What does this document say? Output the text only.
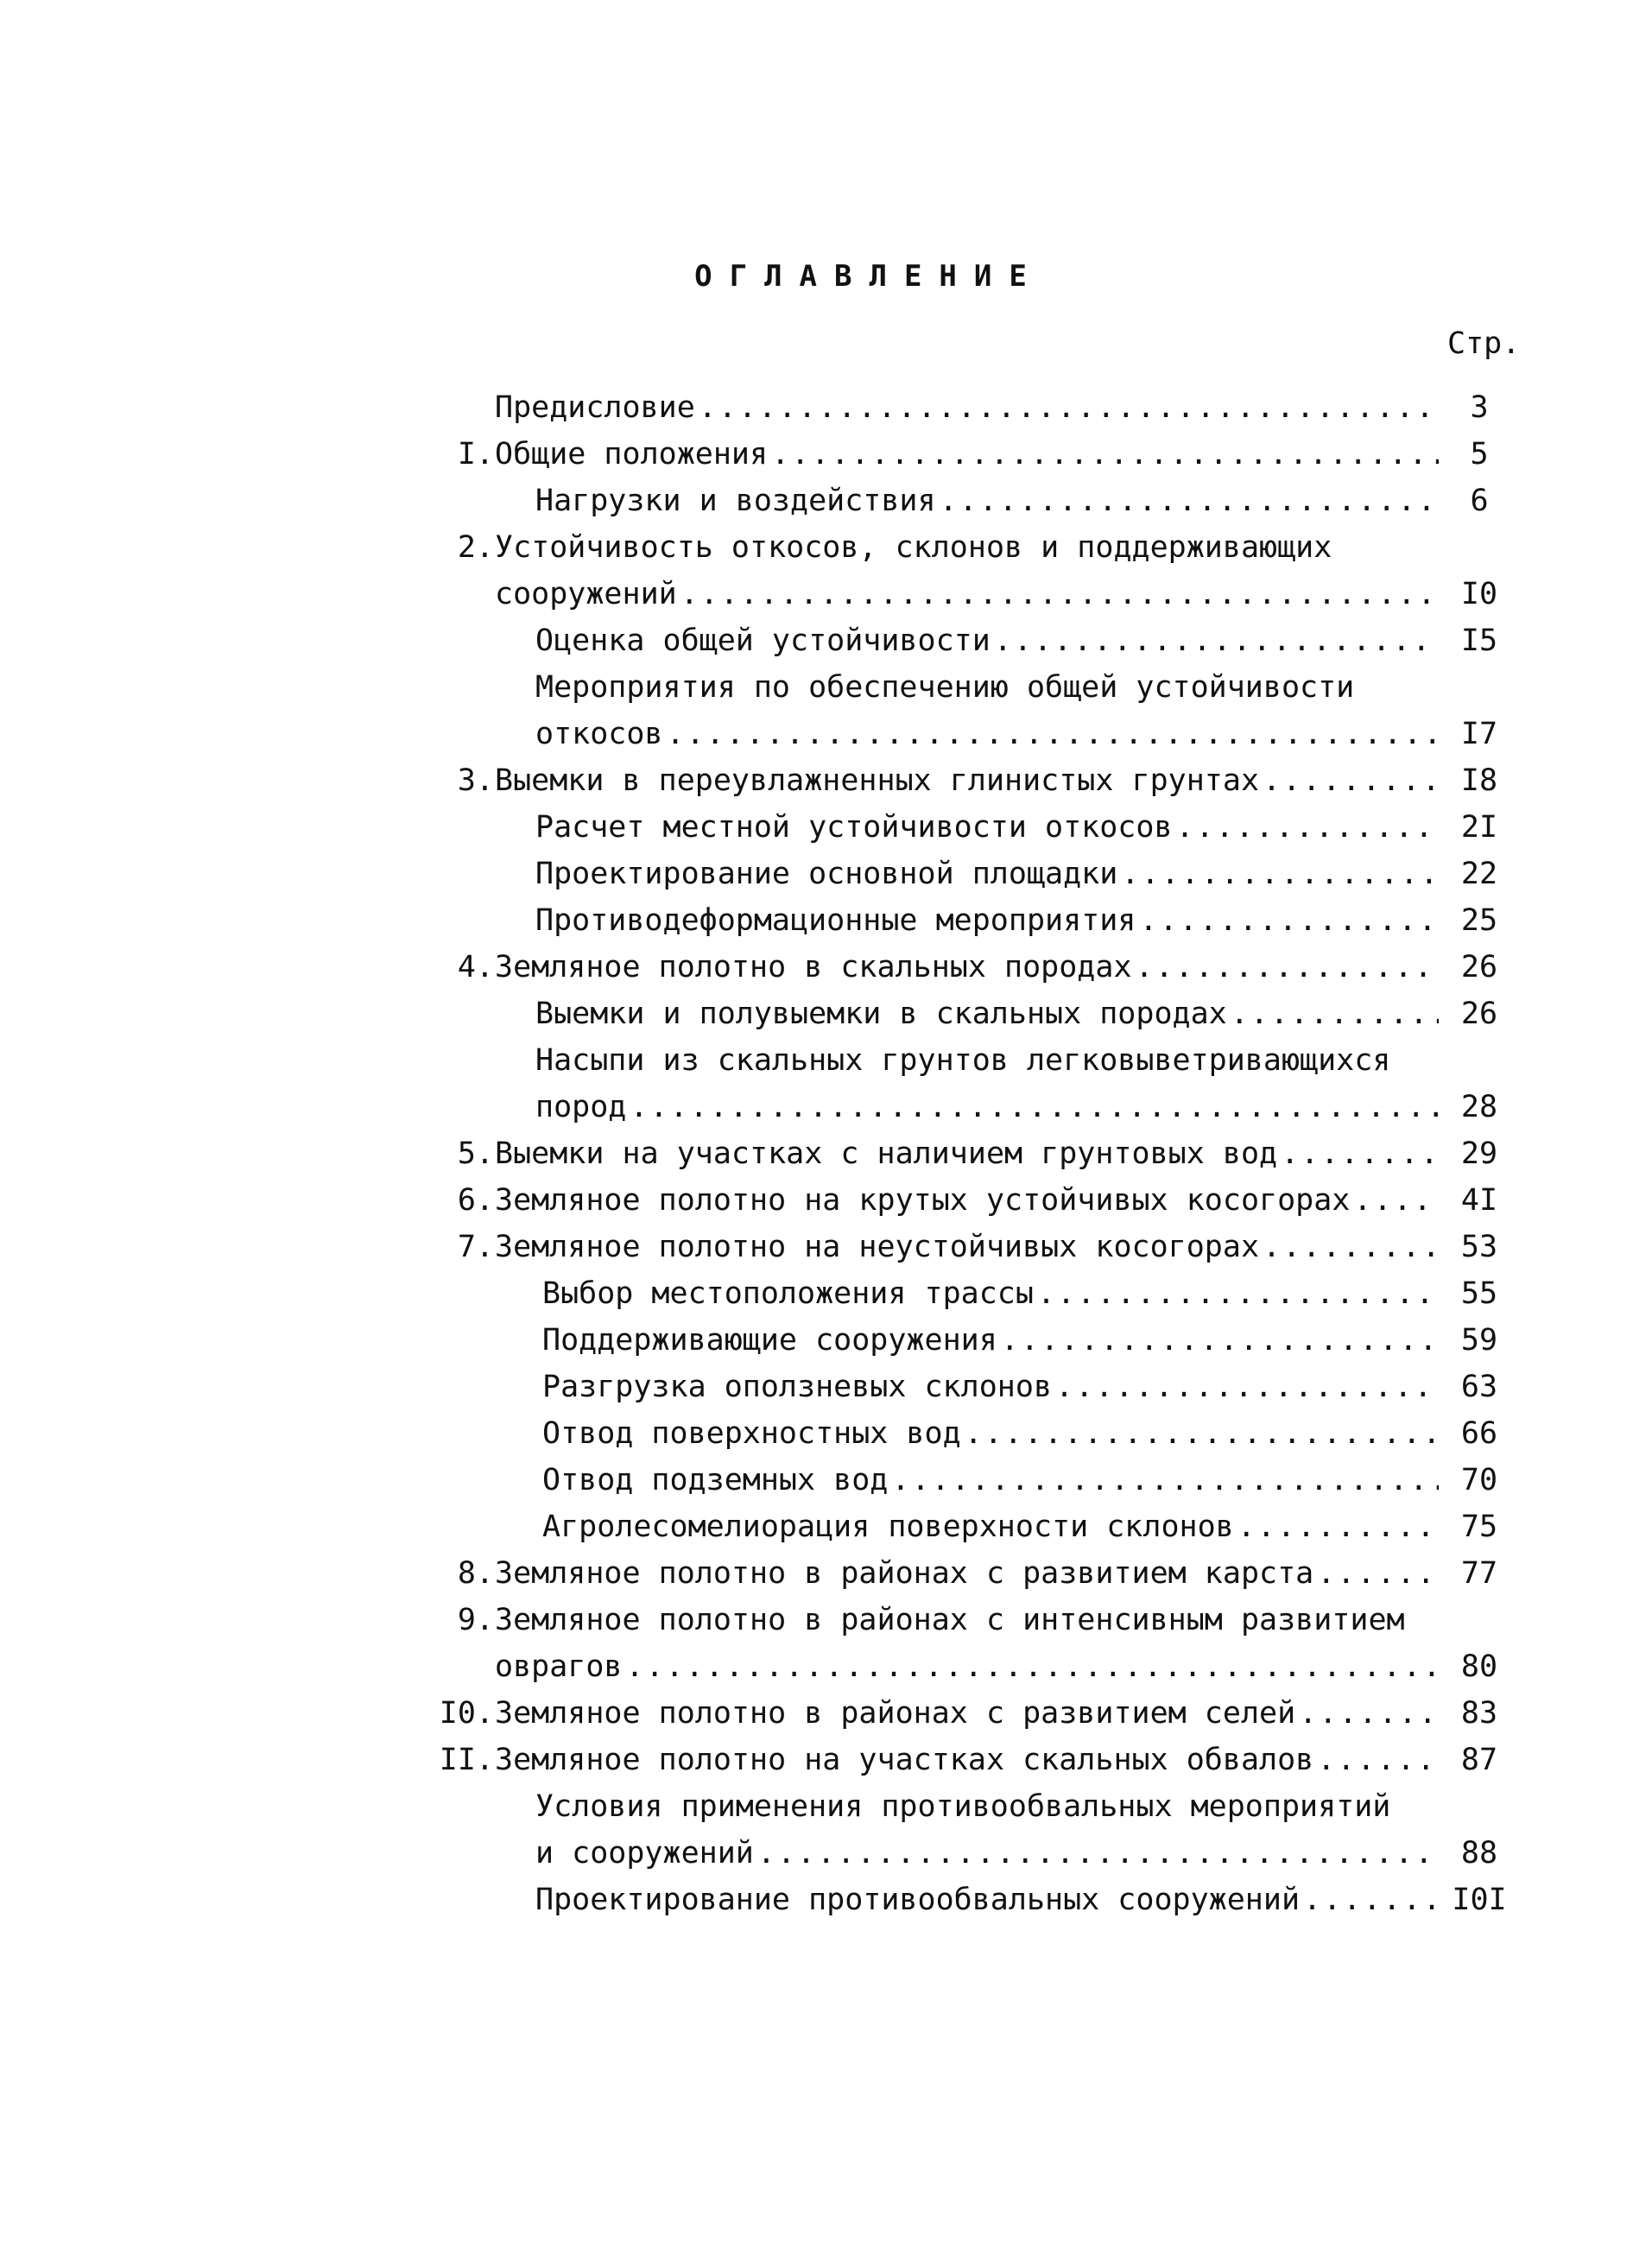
ОГЛАВЛЕНИЕ
Стр.
Предисловие .....	3
I. Общие положения .....	5
Нагрузки и воздействия .....	6
2. Устойчивость откосов, склонов и поддерживающих
сооружений .....	I0
Оценка общей устойчивости .....	I5
Мероприятия по обеспечению общей устойчивости
откосов .....	I7
3. Выемки в переувлажненных глинистых грунтах .....	I8
Расчет местной устойчивости откосов .....	2I
Проектирование основной площадки .....	22
Противодеформационные мероприятия .....	25
4. Земляное полотно в скальных породах .....	26
Выемки и полувыемки в скальных породах .....	26
Насыпи из скальных грунтов легковыветривающихся
пород .....	28
5. Выемки на участках с наличием грунтовых вод .....	29
6. Земляное полотно на крутых устойчивых косогорах .....	4I
7. Земляное полотно на неустойчивых косогорах .....	53
Выбор местоположения трассы .....	55
Поддерживающие сооружения .....	59
Разгрузка оползневых склонов .....	63
Отвод поверхностных вод .....	66
Отвод подземных вод .....	70
Агролесомелиорация поверхности склонов .....	75
8. Земляное полотно в районах с развитием карста .....	77
9. Земляное полотно в районах с интенсивным развитием
оврагов .....	80
I0. Земляное полотно в районах с развитием селей .....	83
II. Земляное полотно на участках скальных обвалов .....	87
Условия применения противообвальных мероприятий
и сооружений .....	88
Проектирование противообвальных сооружений .....	I0I
